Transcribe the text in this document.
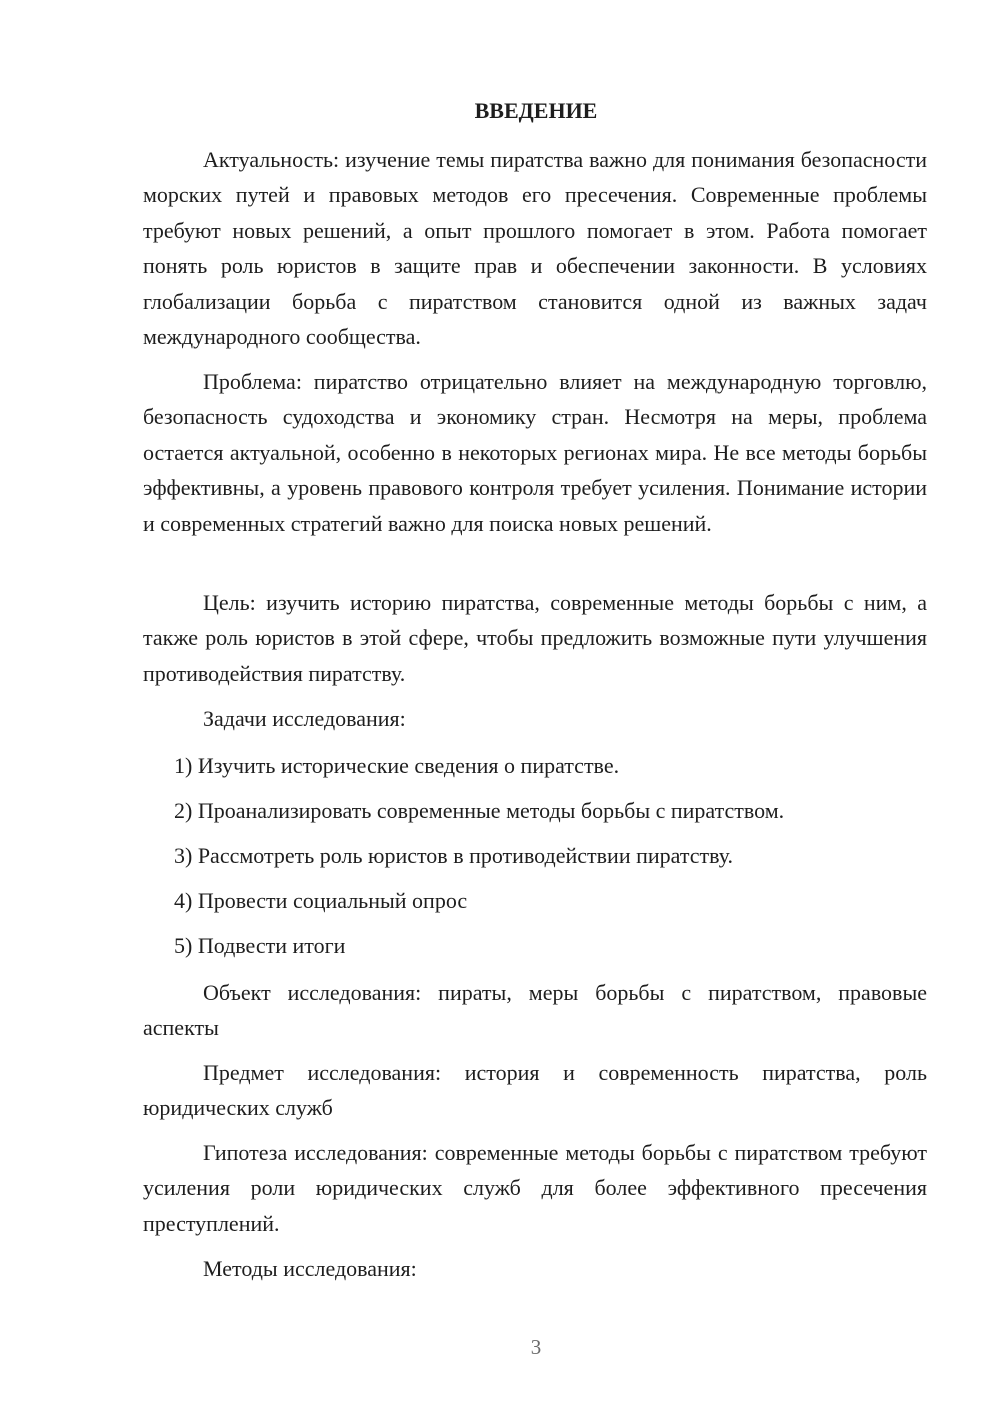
ВВЕДЕНИЕ

Актуальность: изучение темы пиратства важно для понимания безопасности морских путей и правовых методов его пресечения. Современные проблемы требуют новых решений, а опыт прошлого помогает в этом. Работа помогает понять роль юристов в защите прав и обеспечении законности. В условиях глобализации борьба с пиратством становится одной из важных задач международного сообщества.

Проблема: пиратство отрицательно влияет на международную торговлю, безопасность судоходства и экономику стран. Несмотря на меры, проблема остается актуальной, особенно в некоторых регионах мира. Не все методы борьбы эффективны, а уровень правового контроля требует усиления. Понимание истории и современных стратегий важно для поиска новых решений.

Цель: изучить историю пиратства, современные методы борьбы с ним, а также роль юристов в этой сфере, чтобы предложить возможные пути улучшения противодействия пиратству.

Задачи исследования:

1) Изучить исторические сведения о пиратстве.

2) Проанализировать современные методы борьбы с пиратством.

3) Рассмотреть роль юристов в противодействии пиратству.

4) Провести социальный опрос

5) Подвести итоги

Объект исследования: пираты, меры борьбы с пиратством, правовые аспекты

Предмет исследования: история и современность пиратства, роль юридических служб

Гипотеза исследования: современные методы борьбы с пиратством требуют усиления роли юридических служб для более эффективного пресечения преступлений.

Методы исследования:

3
